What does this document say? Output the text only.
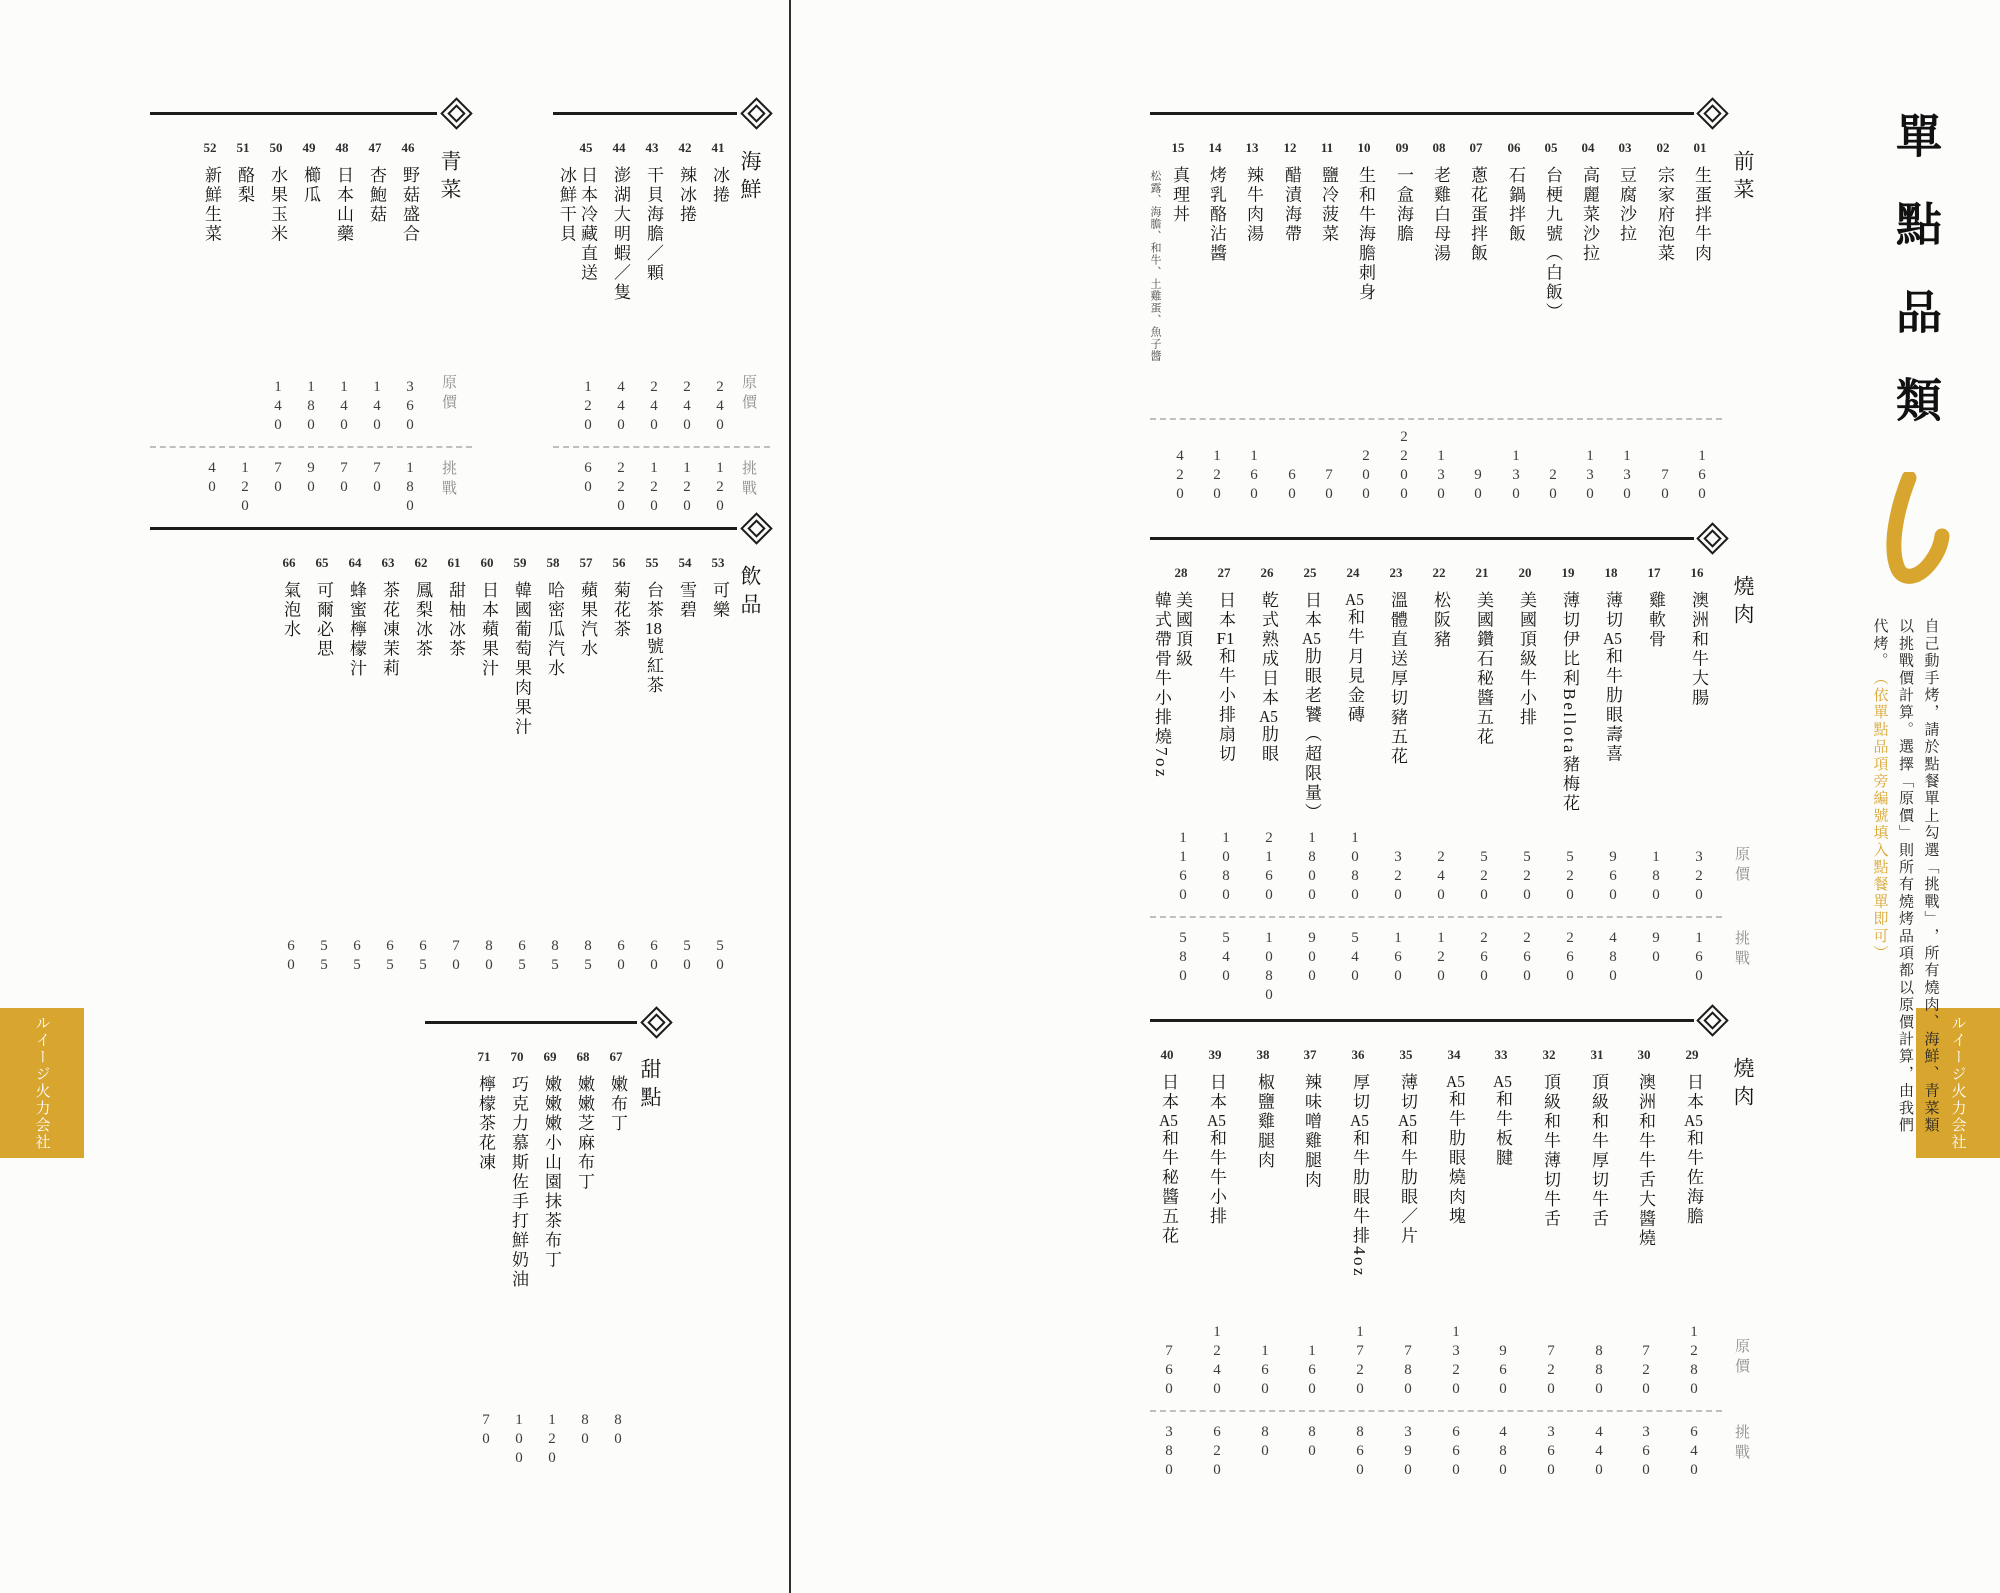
ルイージ火力会社	ルイージ火力会社
單點品類
自己動手烤，請於點餐單上勾選﹁挑戰﹂，所有燒肉、海鮮、青菜類以挑戰價計算。選擇﹁原價﹂則所有燒烤品項都以原價計算，由我們代烤。︵依單點品項旁編號填入點餐單即可︶
前菜
01
生蛋拌牛肉
160
02
宗家府泡菜
70
03
豆腐沙拉
130
04
高麗菜沙拉
130
05
台梗九號︵白飯︶
20
06
石鍋拌飯
130
07
蔥花蛋拌飯
90
08
老雞白母湯
130
09
一盒海膽
2200
10
生和牛海膽刺身
200
11
鹽冷菠菜
70
12
醋漬海帶
60
13
辣牛肉湯
160
14
烤乳酪沾醬
120
15
真理丼
松露、海膽、和牛、土雞蛋、魚子醬
420
燒肉
原價
挑戰
16
澳洲和牛大腸
320
160
17
雞軟骨
180
90
18
薄切A5和牛肋眼壽喜
960
480
19
薄切伊比利Bellota豬梅花
520
260
20
美國頂級牛小排
520
260
21
美國鑽石秘醬五花
520
260
22
松阪豬
240
120
23
溫體直送厚切豬五花
320
160
24
A5和牛月見金磚
1080
540
25
日本A5肋眼老饕︵超限量︶
1800
900
26
乾式熟成日本A5肋眼
2160
1080
27
日本F1和牛小排扇切
1080
540
28
美國頂級
韓式帶骨牛小排燒7oz
1160
580
燒肉
原價
挑戰
29
日本A5和牛佐海膽
1280
640
30
澳洲和牛牛舌大醬燒
720
360
31
頂級和牛厚切牛舌
880
440
32
頂級和牛薄切牛舌
720
360
33
A5和牛板腱
960
480
34
A5和牛肋眼燒肉塊
1320
660
35
薄切A5和牛肋眼／片
780
390
36
厚切A5和牛肋眼牛排4oz
1720
860
37
辣味噌雞腿肉
160
80
38
椒鹽雞腿肉
160
80
39
日本A5和牛牛小排
1240
620
40
日本A5和牛秘醬五花
760
380
海鮮
原價
挑戰
41
冰捲
240
120
42
辣冰捲
240
120
43
干貝海膽／顆
240
120
44
澎湖大明蝦／隻
440
220
45
日本冷藏直送
冰鮮干貝
120
60
青菜
原價
挑戰
46
野菇盛合
360
180
47
杏鮑菇
140
70
48
日本山藥
140
70
49
櫛瓜
180
90
50
水果玉米
140
70
51
酪梨
120
52
新鮮生菜
40
飲品
53
可樂
50
54
雪碧
50
55
台茶18號紅茶
60
56
菊花茶
60
57
蘋果汽水
85
58
哈密瓜汽水
85
59
韓國葡萄果肉果汁
65
60
日本蘋果汁
80
61
甜柚冰茶
70
62
鳳梨冰茶
65
63
茶花凍茉莉
65
64
蜂蜜檸檬汁
65
65
可爾必思
55
66
氣泡水
60
甜點
67
嫩布丁
80
68
嫩嫩芝麻布丁
80
69
嫩嫩嫩小山園抹茶布丁
120
70
巧克力慕斯佐手打鮮奶油
100
71
檸檬茶花凍
70
